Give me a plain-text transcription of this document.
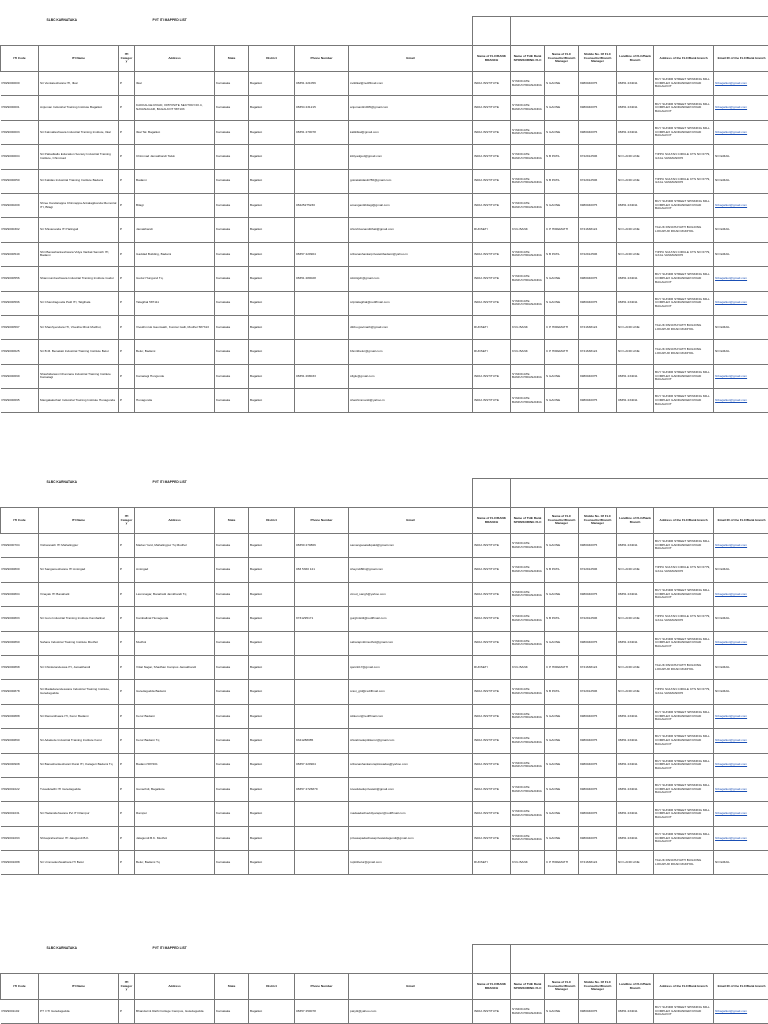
SLBC KARNATAKA			PVT ITI MAPPED LIST											
ITI Code	ITI Name	ITI Category	Address	State	District	Phone Number	Email	Name of FLC/BANK BRANCH	Name of THE Bank SPONSORING FLC	Name of FLC Counsellor/Branch Manager	Mobile No. Of FLC Counsellor/Branch Manager	Landline of FLC/Bank Branch	Address of the FLC/Bank branch	Email ID of the FLC/Bank branch
PR29000000	Sri Venkateshwara ITI, Ilkal	P	Ilkal	Karnataka	Bagalkot	08351 221056	svitiilkal@rediffmail.com	INDIA INSTITUTE	SYNDICATE BANK/CHIDANANDA	S GAONE	9980040075	08351 234011	BUY SUNDR STREET SPINNING MILL COMPLEX GADDANKERI ROAD BAGALKOT	flcbagalkot@gmail.com
PR29000001	Anjuman Industrial Training Institute Bagalkot	P	KAKKALGE ROAD, OPPOSITE SECTOR NO.4, NAVANAGAR, BAGALKOT 587103	Karnataka	Bagalkot	08354 231215	anjumaniti1005@gmail.com	INDIA INSTITUTE	SYNDICATE BANK/CHIDANANDA	S GAONE	9980040075	08351 234011	BUY SUNDR STREET SPINNING MILL COMPLEX GADDANKERI ROAD BAGALKOT	flcbagalkot@gmail.com
PR29000003	Sri Kalmalleshwara Industrial Training Institute, Ilkal	P	Ilkal Tal. Bagalkot	Karnataka	Bagalkot	08351 270078	kalitiilkal@gmail.com	INDIA INSTITUTE	SYNDICATE BANK/CHIDANANDA	S GAONE	9980040075	08351 234011	BUY SUNDR STREET SPINNING MILL COMPLEX GADDANKERI ROAD BAGALKOT	flcbagalkot@gmail.com
PR29000004	Sri Pattadkallu Education Society Industrial Training Institute, Chimmad	P	Chimmad Jamakhandi Taluk	Karnataka	Bagalkot		kittiyadgud@gmail.com	INDIA INSTITUTE	SYNDICATE BANK/CHIDANANDA	S B PATIL	9722912506	NO LAND LINE	TIPPU SULTAN CIRCLE CTS NO 6779, ILKAL VANMANIKHI	NO EMAIL
PR29000050	Sri Kalidas Industrial Training Institute Badami	P	Badami	Karnataka	Bagalkot		gotrakalidasiti786@gmail.com	INDIA INSTITUTE	SYNDICATE BANK/CHIDANANDA	S B PATIL	9722912506	NO LAND LINE	TIPPU SULTAN CIRCLE CTS NO 6779, ILKAL VANMANIKHI	NO EMAIL
PR29000209	Shree Kandarappa Chinnappa Ankalagikonda Memorial ITI, Bilagi	P	Bilagi	Karnataka	Bagalkot	08425275230	amanganitibilagi@gmail.com	INDIA INSTITUTE	SYNDICATE BANK/CHIDANANDA	S GAONE	9980040075	08351 234011	BUY SUNDR STREET SPINNING MILL COMPLEX GADDANKERI ROAD BAGALKOT	flcbagalkot@gmail.com
PR29000302	Sri Shivananda ITI Halingali	P	Jamakhandi	Karnataka	Bagalkot		shivshivanandiithali@gmail.com	RUDSETI	KVG BANK	C P HIREMATH	9741638124	NO LAND LINE	TALUK PANCHAYATH BUILDING LOKAPUR ROAD MUDHOL	NO EMAIL
PR29000549	Shri Banashankeshwara Vidya Vardak Samsth ITI, Badami	P	Gaddad Building, Badami	Karnataka	Bagalkot	08357 220904	sribanashankarprivateitibadami@yahoo.in	INDIA INSTITUTE	SYNDICATE BANK/CHIDANANDA	S B PATIL	9722912506	NO LAND LINE	TIPPU SULTAN CIRCLE CTS NO 6779, ILKAL VANMANIKHI	NO EMAIL
PR29000556	Shamnumbeshwara Industrial Training Institute Gudur	P	Gudur Hungund Tq.	Karnataka	Bagalkot	08351 280028	siticitigdr@gmail.com	INDIA INSTITUTE	SYNDICATE BANK/CHIDANANDA	S GAONE	9980040075	08351 234011	BUY SUNDR STREET SPINNING MILL COMPLEX GADDANKERI ROAD BAGALKOT	flcbagalkot@gmail.com
PR29000596	Sri Chandragouda Patil ITI, Talgihala	P	Talagihal 587111	Karnataka	Bagalkot		sripitalagihal@rediffmail.com	INDIA INSTITUTE	SYNDICATE BANK/CHIDANANDA	S GAONE	9980040075	08351 234011	BUY SUNDR STREET SPINNING MILL COMPLEX GADDANKERI ROAD BAGALKOT	flcbagalkot@gmail.com
PR29000597	Sri Shashyendara ITI, Vivekha Mruk Mudhol,	P	Vivekhmruk Gaonwath, Kumtar Galli, Mudhol 587313	Karnataka	Bagalkot		ditibu.gavimath@gmail.com	RUDSETI	KVG BANK	C P HIREMATH	9741638124	NO LAND LINE	TALUK PANCHAYATH BUILDING LOKAPUR ROAD MUDHOL	NO EMAIL
PR29000625	Sri B.M. Benakati Industrial Training Institute Belur	P	Belur, Badami	Karnataka	Bagalkot		bbmitibelur@gmail.com	RUDSETI	KVG BANK	C P HIREMATH	9741638124	NO LAND LINE	TALUK PANCHAYATH BUILDING LOKAPUR ROAD MUDHOL	NO EMAIL
PR29000699	Shashidarasvi Channara Industrial Training Institute Kamatagi	P	Kamatagi Hungunde	Karnataka	Bagalkot	08351 268033	sfiglu@gmail.com	INDIA INSTITUTE	SYNDICATE BANK/CHIDANANDA	S GAONE	9980040075	08351 234011	BUY SUNDR STREET SPINNING MILL COMPLEX GADDANKERI ROAD BAGALKOT	flcbagalkot@gmail.com
PR29000695	Mangalakuthari Industrial Training Institute Hunagunda	P	Hunagunda	Karnataka	Bagalkot		shashimmaniti@yahoo.in	INDIA INSTITUTE	SYNDICATE BANK/CHIDANANDA	S GAONE	9980040075	08351 234011	BUY SUNDR STREET SPINNING MILL COMPLEX GADDANKERI ROAD BAGALKOT	flcbagalkot@gmail.com
SLBC KARNATAKA			PVT ITI MAPPED LIST											
ITI Code	ITI Name	ITI Category	Address	State	District	Phone Number	Email	Name of FLC/BANK BRANCH	Name of THE Bank SPONSORING FLC	Name of FLC Counsellor/Branch Manager	Mobile No. Of FLC Counsellor/Branch Manager	Landline of FLC/Bank Branch	Address of the FLC/Bank branch	Email ID of the FLC/Bank branch
PR29000704	Vishwanath ITI Mahalingpur	P	Market Yard, Mahalingpur Tq Mudhol	Karnataka	Bagalkot	08350 270866	samangaoatalkpald@gmail.com	INDIA INSTITUTE	SYNDICATE BANK/CHIDANANDA	S GAONE	9980040075	08351 234011	BUY SUNDR STREET SPINNING MILL COMPLEX GADDANKERI ROAD BAGALKOT	flcbagalkot@gmail.com
PR29000800	Sri Sangameshwara ITI Amingad	P	Amingad	Karnataka	Bagalkot	083 5360 121	shayndi801@gmail.com	INDIA INSTITUTE	SYNDICATE BANK/CHIDANANDA	S B PATIL	9722912506	NO LAND LINE	TIPPU SULTAN CIRCLE CTS NO 6779, ILKAL VANMANIKHI	NO EMAIL
PR29000804	Vinayak ITI Banahatti	P	Laxmnagar, Banahatti Jamkhandi Tq	Karnataka	Bagalkot		vinod_sangh@yahoo.com	INDIA INSTITUTE	SYNDICATE BANK/CHIDANANDA	S GAONE	9980040075	08351 234011	BUY SUNDR STREET SPINNING MILL COMPLEX GADDANKERI ROAD BAGALKOT	flcbagalkot@gmail.com
PR29000803	Sri Guru Industrial Training Institute Kamballnal	P	Kamballnal Hunagunda	Karnataka	Bagalkot	9731295171	gurgbnkitil@rediffmail.com	INDIA INSTITUTE	SYNDICATE BANK/CHIDANANDA	S B PATIL	9722912506	NO LAND LINE	TIPPU SULTAN CIRCLE CTS NO 6779, ILKAL VANMANIKHI	NO EMAIL
PR29000860	Sahara Industrial Training Institute Mudhol	P	Mudhol	Karnataka	Bagalkot		saharapvtitimudhol@gmail.com	INDIA INSTITUTE	SYNDICATE BANK/CHIDANANDA	S GAONE	9980040075	08351 234011	BUY SUNDR STREET SPINNING MILL COMPLEX GADDANKERI ROAD BAGALKOT	flcbagalkot@gmail.com
PR29000868	Sri Chinkulandeswa ITI, Jamakhandi	P	Vittal Nagar, Shadhan Campus Jamakhandi	Karnataka	Bagalkot		sjarctit17@gmail.com	RUDSETI	KVG BANK	C P HIREMATH	9741638124	NO LAND LINE	TALUK PANCHAYATH BUILDING LOKAPUR ROAD MUDHOL	NO EMAIL
PR29000878	Sri Madadarendeswara Industrial Training Institute, Guledagudda	P	Guledagudda Badami	Karnataka	Bagalkot		sravi_gld@rediffmail.com	INDIA INSTITUTE	SYNDICATE BANK/CHIDANANDA	S B PATIL	9722912506	NO LAND LINE	TIPPU SULTAN CIRCLE CTS NO 6779, ILKAL VANMANIKHI	NO EMAIL
PR29000888	Sri Ramanthaara ITI, Kerur Badami	P	Kerur Badami	Karnataka	Bagalkot		sitikerur@rediffmail.com	INDIA INSTITUTE	SYNDICATE BANK/CHIDANANDA	S GAONE	9980040075	08351 234011	BUY SUNDR STREET SPINNING MILL COMPLEX GADDANKERI ROAD BAGALKOT	flcbagalkot@gmail.com
PR29000890	Sri Adakude Industrial Training Institute Kerur	P	Kerur Badami Tq	Karnataka	Bagalkot	9341288085	shivabradeptiitkerur@gmail.com	INDIA INSTITUTE	SYNDICATE BANK/CHIDANANDA	S GAONE	9980040075	08351 234011	BUY SUNDR STREET SPINNING MILL COMPLEX GADDANKERI ROAD BAGALKOT	flcbagalkot@gmail.com
PR29000908	Sri Banashankeshwari Rural ITI, Katageri Badami Tq	P	Badami 587201	Karnataka	Bagalkot	08357 220904	sribanashankaruraptiswadaq@yahoo.com	INDIA INSTITUTE	SYNDICATE BANK/CHIDANANDA	S GAONE	9980040075	08351 234011	BUY SUNDR STREET SPINNING MILL COMPLEX GADDANKERI ROAD BAGALKOT	flcbagalkot@gmail.com
PR29001022	Tuvaduladhi ITI Guledagudda	P	Gunachdi, Bagalkote	Karnataka	Bagalkot	08357 2726879	tuvaduladuprivateiti@gmail.com	INDIA INSTITUTE	SYNDICATE BANK/CHIDANANDA	S GAONE	9980040075	08351 234011	BUY SUNDR STREET SPINNING MILL COMPLEX GADDANKERI ROAD BAGALKOT	flcbagalkot@gmail.com
PR29001031	Sri Hadanidehswara Pvt ITI Rampur	P	Rampur	Karnataka	Bagalkot		madaadachavidiyarapur@rediffmail.com	INDIA INSTITUTE	SYNDICATE BANK/CHIDANANDA	S GAONE	9980040075	08351 234011	BUY SUNDR STREET SPINNING MILL COMPLEX GADDANKERI ROAD BAGALKOT	flcbagalkot@gmail.com
PR29001093	Shivapraheshwar ITI Jalagundi B.K.	P	Jalagundi B.K. Mudhol	Karnataka	Bagalkot		privasapadachasaprivatetdagundi@gmail.com	INDIA INSTITUTE	SYNDICATE BANK/CHIDANANDA	S GAONE	9980040075	08351 234011	BUY SUNDR STREET SPINNING MILL COMPLEX GADDANKERI ROAD BAGALKOT	flcbagalkot@gmail.com
PR29001088	Sri Ummadeshwathara ITI Belur	P	Belur, Badami Tq	Karnataka	Bagalkot		ruptitibelur@gmail.com	RUDSETI	KVG BANK	C P HIREMATH	9741638124	NO LAND LINE	TALUK PANCHAYATH BUILDING LOKAPUR ROAD MUDHOL	NO EMAIL
SLBC KARNATAKA			PVT ITI MAPPED LIST											
ITI Code	ITI Name	ITI Category	Address	State	District	Phone Number	Email	Name of FLC/BANK BRANCH	Name of THE Bank SPONSORING FLC	Name of FLC Counsellor/Branch Manager	Mobile No. Of FLC Counsellor/Branch Manager	Landline of FLC/Bank Branch	Address of the FLC/Bank branch	Email ID of the FLC/Bank branch
PR29001102	PT I ITI Guledagudda	P	Bhandari & Rathi College Campus, Guledagudda	Karnataka	Bagalkot	08357 250078	patyiti@yahoo.com	INDIA INSTITUTE	SYNDICATE BANK/CHIDANANDA	S GAONE	9980040075	08351 234011	BUY SUNDR STREET SPINNING MILL COMPLEX GADDANKERI ROAD BAGALKOT	flcbagalkot@gmail.com
